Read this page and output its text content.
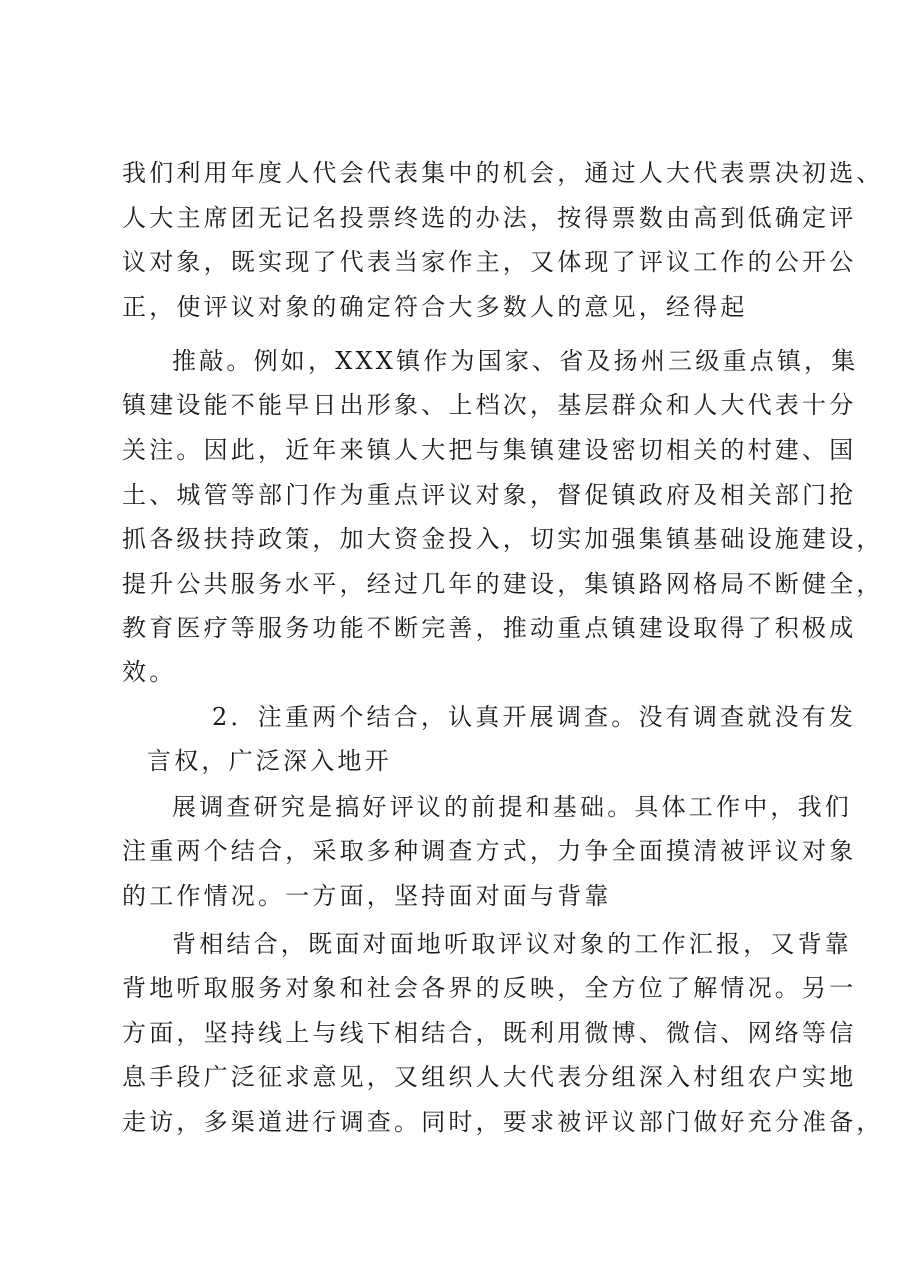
我们利用年度人代会代表集中的机会，通过人大代表票决初选、
人大主席团无记名投票终选的办法，按得票数由高到低确定评
议对象，既实现了代表当家作主，又体现了评议工作的公开公
正，使评议对象的确定符合大多数人的意见，经得起
推敲。例如，XXX镇作为国家、省及扬州三级重点镇，集
镇建设能不能早日出形象、上档次，基层群众和人大代表十分
关注。因此，近年来镇人大把与集镇建设密切相关的村建、国
土、城管等部门作为重点评议对象，督促镇政府及相关部门抢
抓各级扶持政策，加大资金投入，切实加强集镇基础设施建设，
提升公共服务水平，经过几年的建设，集镇路网格局不断健全，
教育医疗等服务功能不断完善，推动重点镇建设取得了积极成
效。
2．注重两个结合，认真开展调查。没有调查就没有发
言权，广泛深入地开
展调查研究是搞好评议的前提和基础。具体工作中，我们
注重两个结合，采取多种调查方式，力争全面摸清被评议对象
的工作情况。一方面，坚持面对面与背靠
背相结合，既面对面地听取评议对象的工作汇报，又背靠
背地听取服务对象和社会各界的反映，全方位了解情况。另一
方面，坚持线上与线下相结合，既利用微博、微信、网络等信
息手段广泛征求意见，又组织人大代表分组深入村组农户实地
走访，多渠道进行调查。同时，要求被评议部门做好充分准备，
